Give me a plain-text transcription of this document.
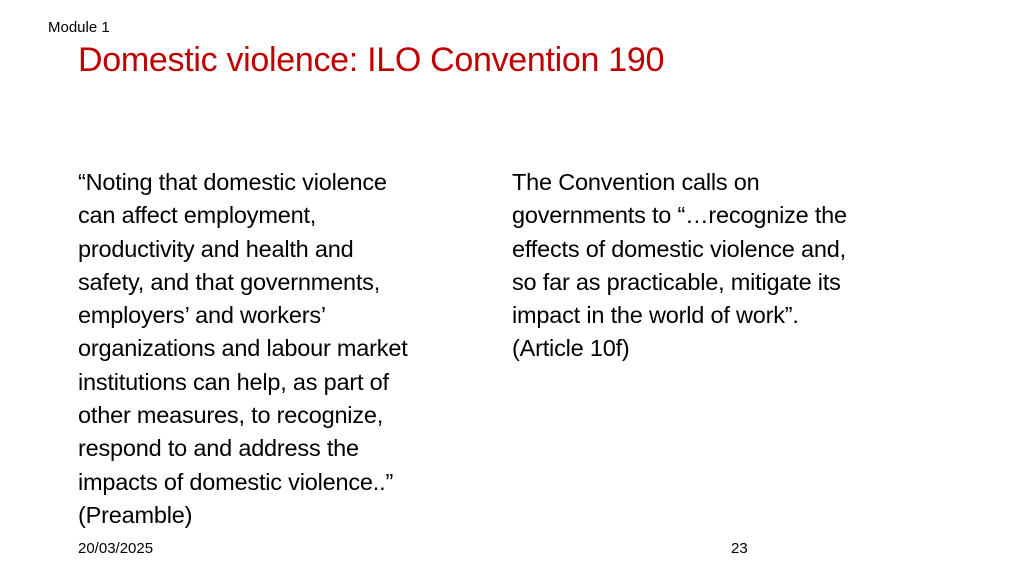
Module 1
Domestic violence: ILO Convention 190
“Noting that domestic violence
can affect employment,
productivity and health and
safety, and that governments,
employers’ and workers’
organizations and labour market
institutions can help, as part of
other measures, to recognize,
respond to and address the
impacts of domestic violence..”
(Preamble)
The Convention calls on
governments to “…recognize the
effects of domestic violence and,
so far as practicable, mitigate its
impact in the world of work”.
(Article 10f)
20/03/2025	23
